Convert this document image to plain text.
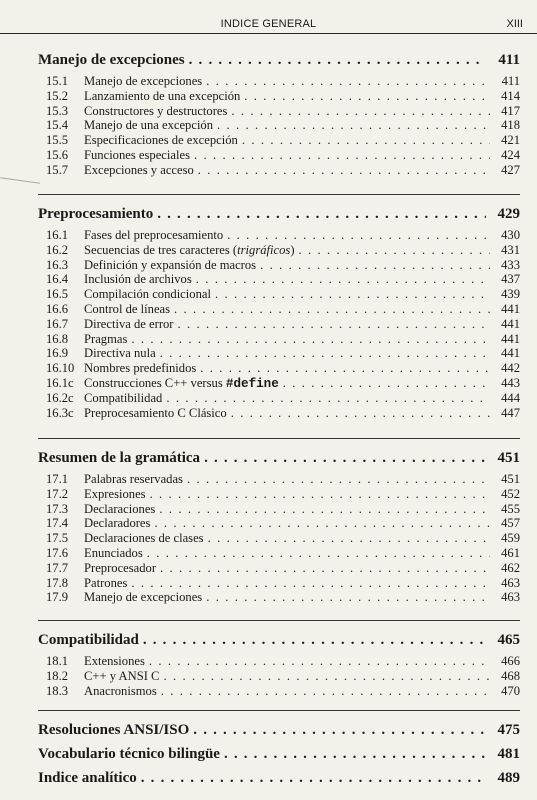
INDICE GENERAL	XIII
Manejo de excepciones . . .	411
15.1	Manejo de excepciones . . .	411
15.2	Lanzamiento de una excepción . . .	414
15.3	Constructores y destructores . . .	417
15.4	Manejo de una excepción . . .	418
15.5	Especificaciones de excepción . . .	421
15.6	Funciones especiales . . .	424
15.7	Excepciones y acceso . . .	427
Preprocesamiento . . .	429
16.1	Fases del preprocesamiento . . .	430
16.2	Secuencias de tres caracteres (trigráficos) . . .	431
16.3	Definición y expansión de macros . . .	433
16.4	Inclusión de archivos . . .	437
16.5	Compilación condicional . . .	439
16.6	Control de líneas . . .	441
16.7	Directiva de error . . .	441
16.8	Pragmas . . .	441
16.9	Directiva nula . . .	441
16.10 Nombres predefinidos . . .	442
16.1c Construcciones C++ versus #define . . .	443
16.2c Compatibilidad . . .	444
16.3c Preprocesamiento C Clásico . . .	447
Resumen de la gramática . . .	451
17.1	Palabras reservadas . . .	451
17.2	Expresiones . . .	452
17.3	Declaraciones . . .	455
17.4	Declaradores . . .	457
17.5	Declaraciones de clases . . .	459
17.6	Enunciados . . .	461
17.7	Preprocesador . . .	462
17.8	Patrones . . .	463
17.9	Manejo de excepciones . . .	463
Compatibilidad . . .	465
18.1	Extensiones . . .	466
18.2	C++ y ANSI C . . .	468
18.3	Anacronismos . . .	470
Resoluciones ANSI/ISO . . .	475
Vocabulario técnico bilingüe . . .	481
Indice analítico . . .	489
